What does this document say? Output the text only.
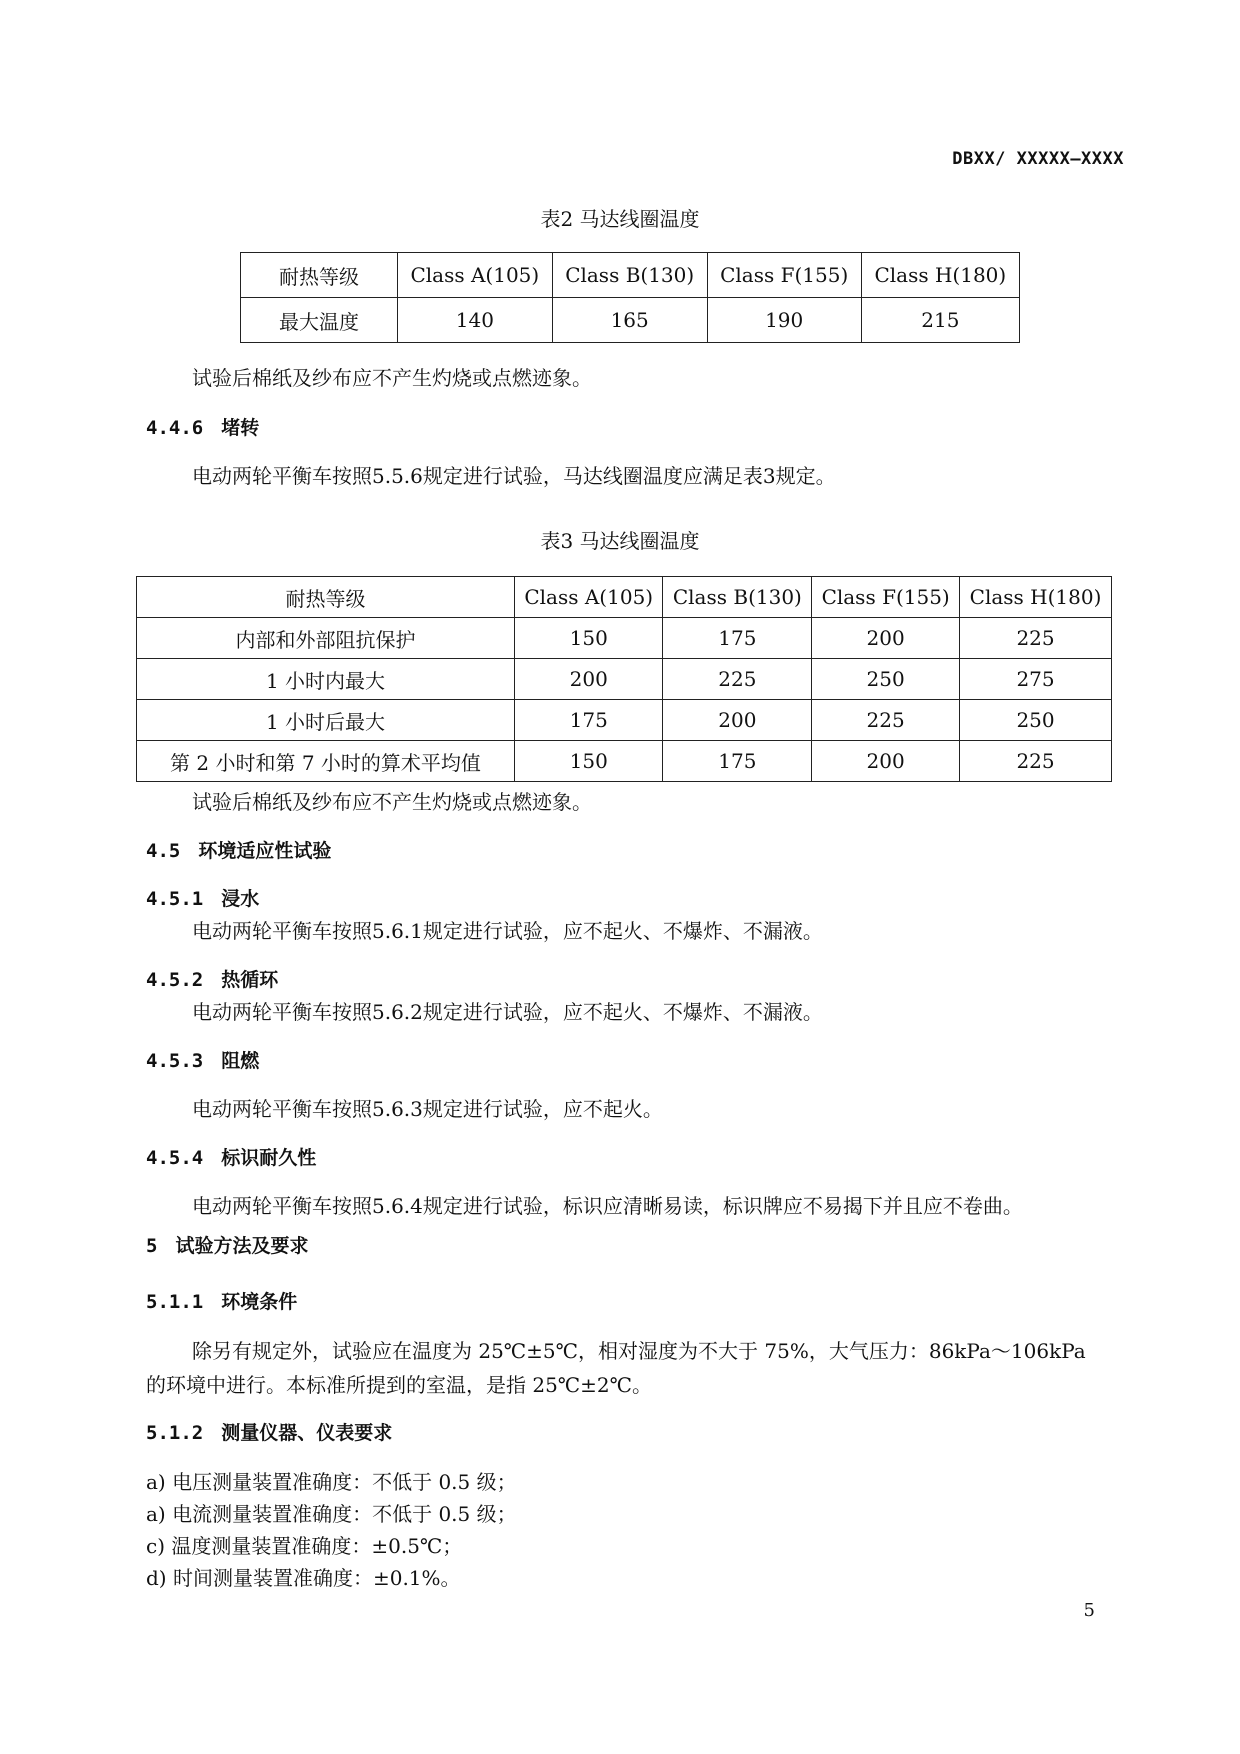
DBXX/ XXXXX—XXXX
表2 马达线圈温度
耐热等级	Class A(105)	Class B(130)	Class F(155)	Class H(180)
最大温度	140	165	190	215
试验后棉纸及纱布应不产生灼烧或点燃迹象。
4.4.6 堵转
电动两轮平衡车按照5.5.6规定进行试验，马达线圈温度应满足表3规定。
表3 马达线圈温度
耐热等级	Class A(105)	Class B(130)	Class F(155)	Class H(180)
内部和外部阻抗保护	150	175	200	225
1 小时内最大	200	225	250	275
1 小时后最大	175	200	225	250
第 2 小时和第 7 小时的算术平均值	150	175	200	225
试验后棉纸及纱布应不产生灼烧或点燃迹象。
4.5 环境适应性试验
4.5.1 浸水
电动两轮平衡车按照5.6.1规定进行试验，应不起火、不爆炸、不漏液。
4.5.2 热循环
电动两轮平衡车按照5.6.2规定进行试验，应不起火、不爆炸、不漏液。
4.5.3 阻燃
电动两轮平衡车按照5.6.3规定进行试验，应不起火。
4.5.4 标识耐久性
电动两轮平衡车按照5.6.4规定进行试验，标识应清晰易读，标识牌应不易揭下并且应不卷曲。
5 试验方法及要求
5.1.1 环境条件
除另有规定外，试验应在温度为 25℃±5℃，相对湿度为不大于 75%，大气压力：86kPa～106kPa
的环境中进行。本标准所提到的室温，是指 25℃±2℃。
5.1.2 测量仪器、仪表要求
a) 电压测量装置准确度：不低于 0.5 级；
a) 电流测量装置准确度：不低于 0.5 级；
c) 温度测量装置准确度：±0.5℃；
d) 时间测量装置准确度：±0.1%。
5
